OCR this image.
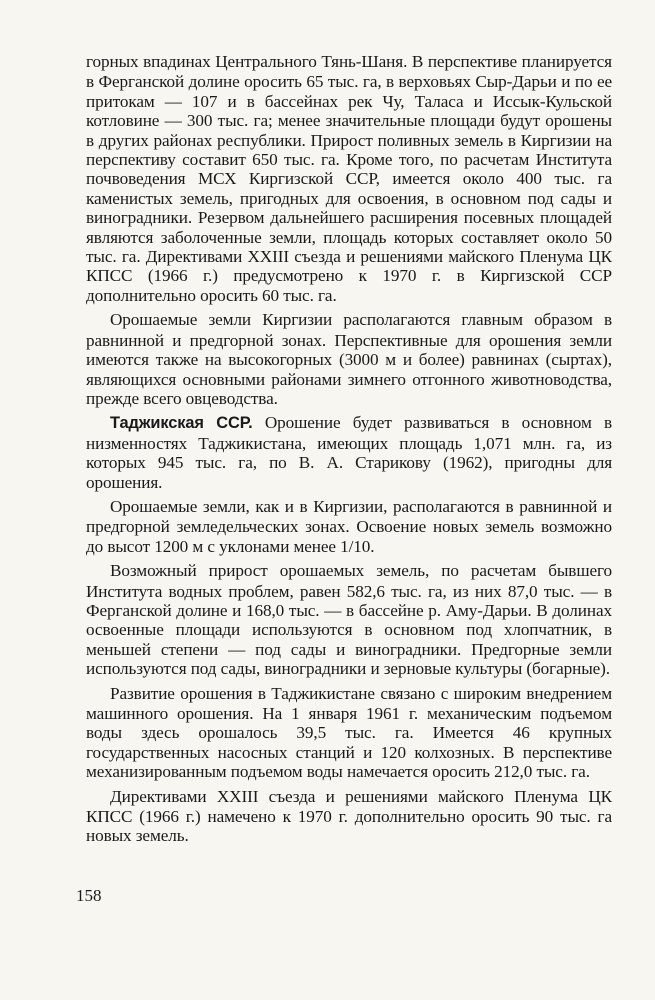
горных впадинах Центрального Тянь-Шаня. В перспективе планируется в Ферганской долине оросить 65 тыс. га, в верховьях Сыр-Дарьи и по ее притокам — 107 и в бассейнах рек Чу, Таласа и Иссык-Кульской котловине — 300 тыс. га; менее значительные площади будут орошены в других районах республики. Прирост поливных земель в Киргизии на перспективу составит 650 тыс. га. Кроме того, по расчетам Института почвоведения МСХ Киргизской ССР, имеется около 400 тыс. га каменистых земель, пригодных для освоения, в основном под сады и виноградники. Резервом дальнейшего расширения посевных площадей являются заболоченные земли, площадь которых составляет около 50 тыс. га. Директивами XXIII съезда и решениями майского Пленума ЦК КПСС (1966 г.) предусмотрено к 1970 г. в Киргизской ССР дополнительно оросить 60 тыс. га.

Орошаемые земли Киргизии располагаются главным образом в равнинной и предгорной зонах. Перспективные для орошения земли имеются также на высокогорных (3000 м и более) равнинах (сыртах), являющихся основными районами зимнего отгонного животноводства, прежде всего овцеводства.

Таджикская ССР. Орошение будет развиваться в основном в низменностях Таджикистана, имеющих площадь 1,071 млн. га, из которых 945 тыс. га, по В. А. Старикову (1962), пригодны для орошения.

Орошаемые земли, как и в Киргизии, располагаются в равнинной и предгорной земледельческих зонах. Освоение новых земель возможно до высот 1200 м с уклонами менее 1/10.

Возможный прирост орошаемых земель, по расчетам бывшего Института водных проблем, равен 582,6 тыс. га, из них 87,0 тыс. — в Ферганской долине и 168,0 тыс. — в бассейне р. Аму-Дарьи. В долинах освоенные площади используются в основном под хлопчатник, в меньшей степени — под сады и виноградники. Предгорные земли используются под сады, виноградники и зерновые культуры (богарные).

Развитие орошения в Таджикистане связано с широким внедрением машинного орошения. На 1 января 1961 г. механическим подъемом воды здесь орошалось 39,5 тыс. га. Имеется 46 крупных государственных насосных станций и 120 колхозных. В перспективе механизированным подъемом воды намечается оросить 212,0 тыс. га.

Директивами XXIII съезда и решениями майского Пленума ЦК КПСС (1966 г.) намечено к 1970 г. дополнительно оросить 90 тыс. га новых земель.

158
